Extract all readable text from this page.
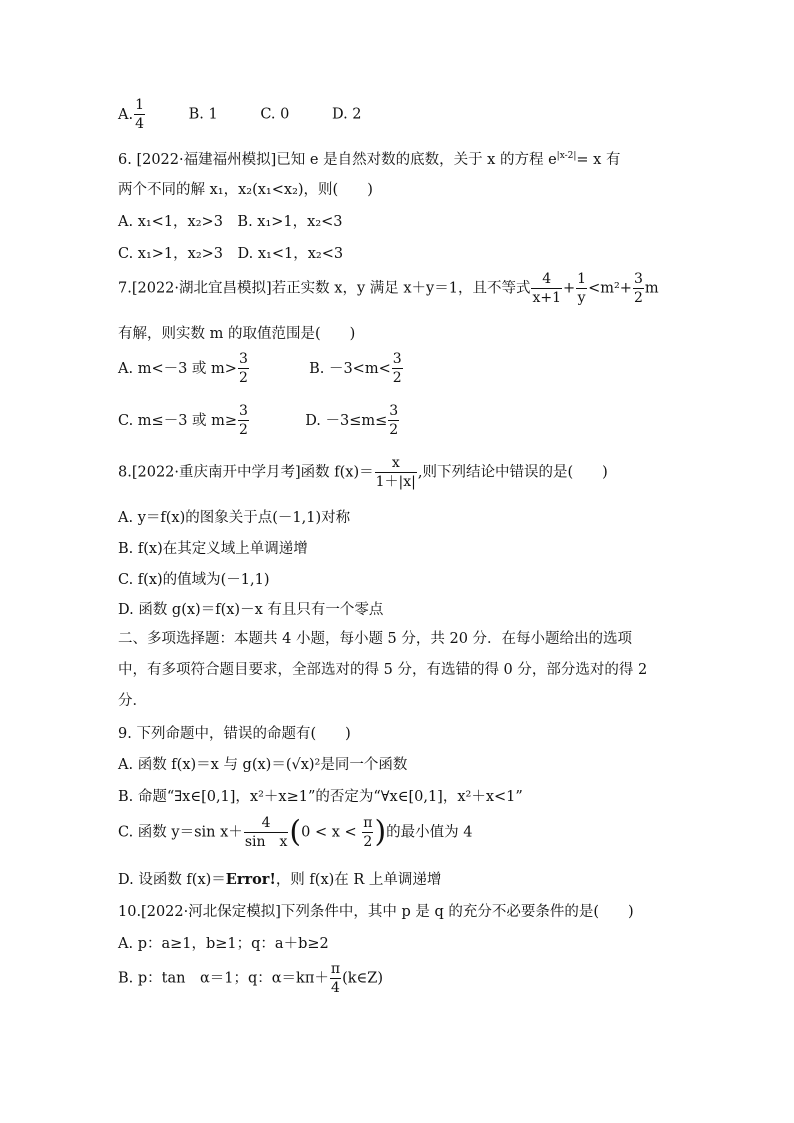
A. $\frac{1}{4}$	B. 1	C. 0	D. 2
6. [2022·福建福州模拟]已知 e 是自然对数的底数，关于 x 的方程 $e^{|x-2|}= x$ 有
两个不同的解 x₁，x₂(x₁<x₂)，则(　　)
A. x₁<1，x₂>3　B. x₁>1，x₂<3
C. x₁>1，x₂>3　D. x₁<1，x₂<3
7.[2022·湖北宜昌模拟]若正实数 x，y 满足 x＋y＝1，且不等式 $\frac{4}{x+1} + \frac{1}{y} <m^2+ \frac{3}{2}$ m
有解，则实数 m 的取值范围是(　　)
A. m<－3 或 $m> \frac{3}{2}$	B. $-3<m< \frac{3}{2}$
C. m≤－3 或 $m\ge \frac{3}{2}$	D. $-3\le m\le \frac{3}{2}$
8.[2022·重庆南开中学月考]函数 $f(x)= \frac{x}{1+|x|}$ ,则下列结论中错误的是(　　)
A. y＝f(x)的图象关于点(－1,1)对称
B. f(x)在其定义域上单调递增
C. f(x)的值域为(－1,1)
D. 函数 g(x)＝f(x)－x 有且只有一个零点
二、多项选择题：本题共 4 小题，每小题 5 分，共 20 分．在每小题给出的选项
中，有多项符合题目要求，全部选对的得 5 分，有选错的得 0 分，部分选对的得 2
分．
9. 下列命题中，错误的命题有(　　)
A. 函数 f(x)＝x 与 g(x)＝(√x)²是同一个函数
B. 命题“∃x∈[0,1]，x²＋x≥1”的否定为“∀x∈[0,1]，x²＋x<1”
C. 函数 y＝sin $x+ \frac{4}{\text{sin　x}} (0 < x < \frac{\pi}{2}$ )的最小值为 4
D. 设函数 f(x)＝Error!，则 f(x)在 R 上单调递增
10.[2022·河北保定模拟]下列条件中，其中 p 是 q 的充分不必要条件的是(　　)
A. p：a≥1，b≥1；q：a＋b≥2
B. p：tan　α＝1；q：$\alpha=k\pi+ \frac{\pi}{4}$ (k∈Z)
